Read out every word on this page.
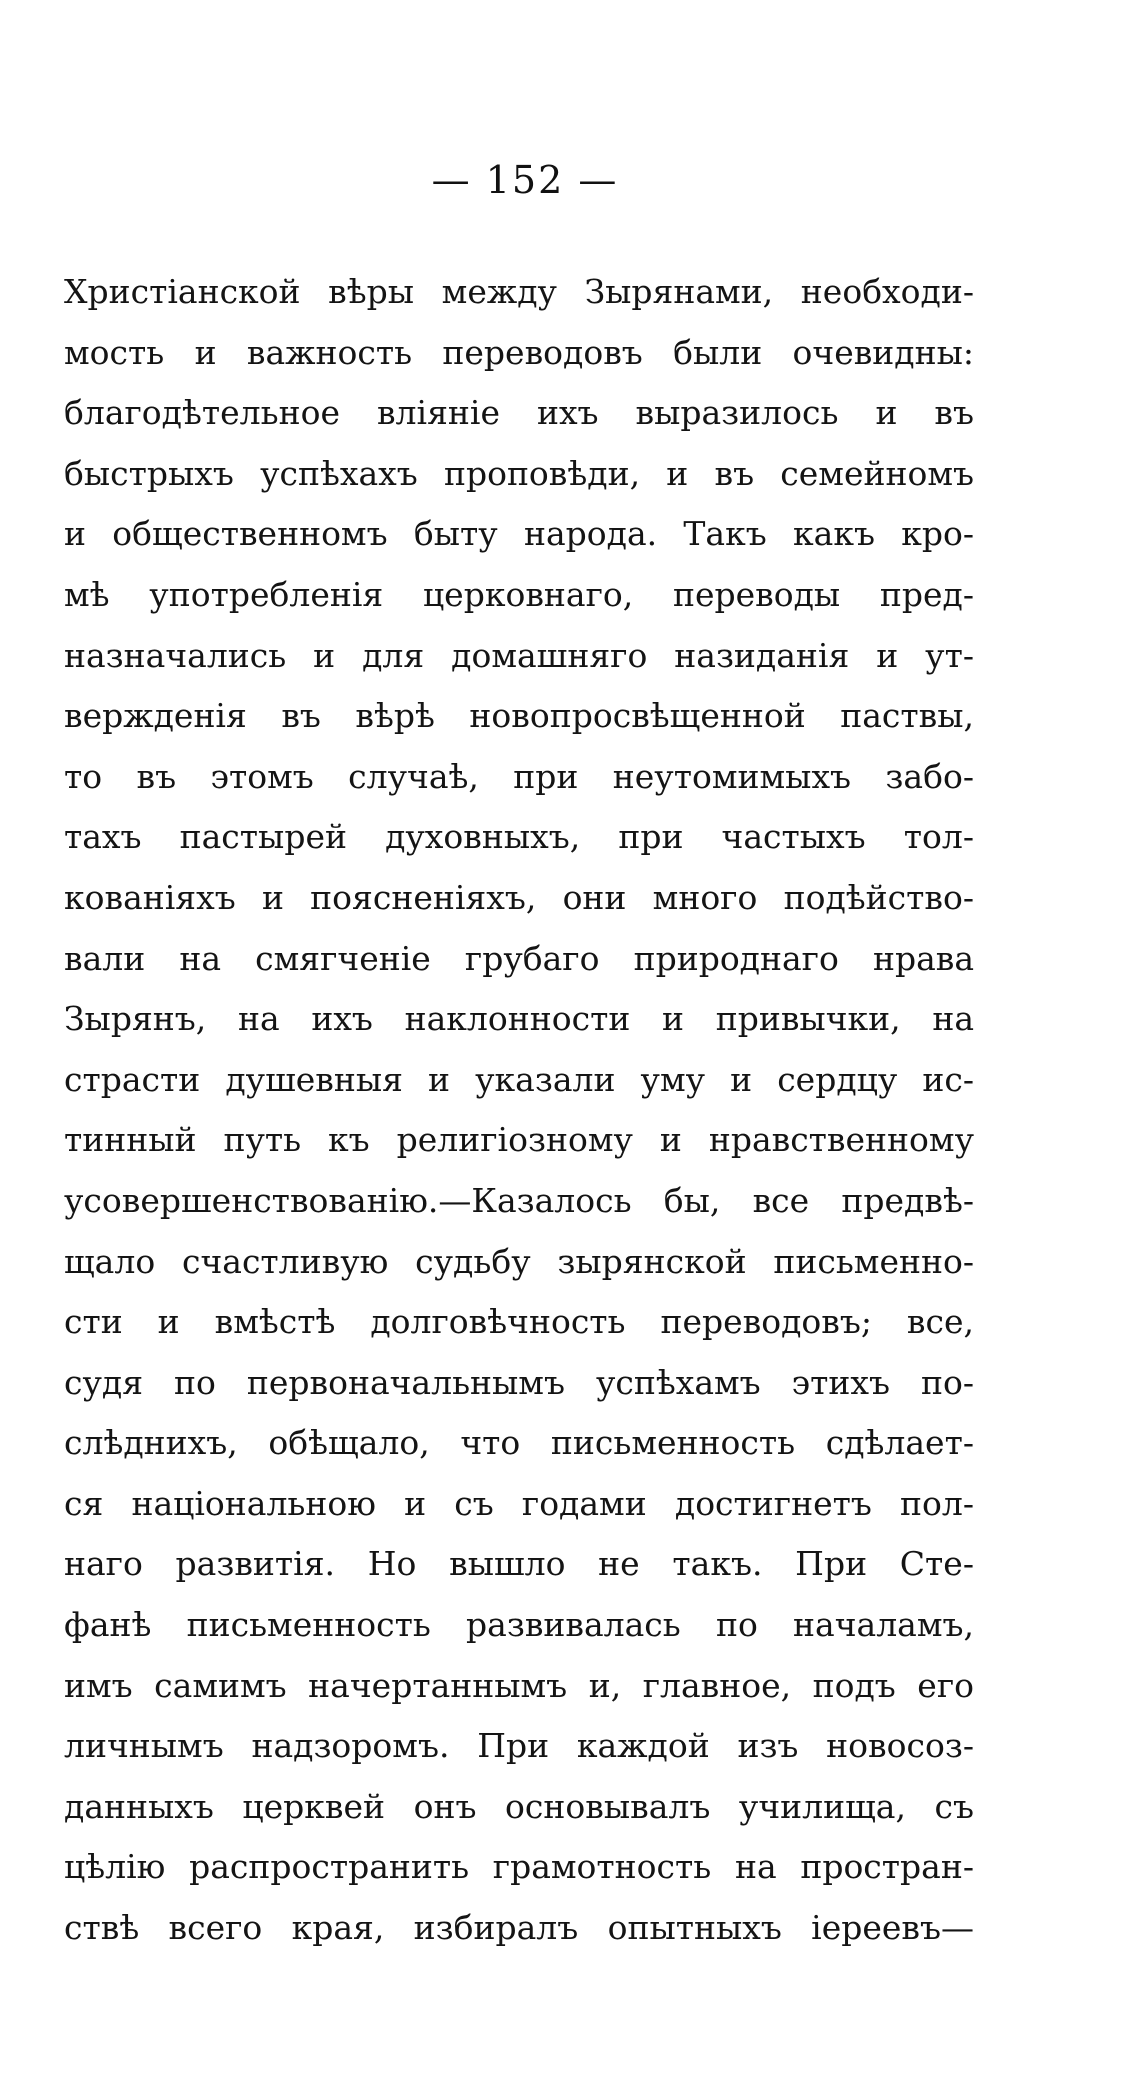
— 152 —
Христіанской вѣры между Зырянами, необходи-
мость и важность переводовъ были очевидны:
благодѣтельное вліяніе ихъ выразилось и въ
быстрыхъ успѣхахъ проповѣди, и въ семейномъ
и общественномъ быту народа. Такъ какъ кро-
мѣ употребленія церковнаго, переводы пред-
назначались и для домашняго назиданія и ут-
вержденія въ вѣрѣ новопросвѣщенной паствы,
то въ этомъ случаѣ, при неутомимыхъ забо-
тахъ пастырей духовныхъ, при частыхъ тол-
кованіяхъ и поясненіяхъ, они много подѣйство-
вали на смягченіе грубаго природнаго нрава
Зырянъ, на ихъ наклонности и привычки, на
страсти душевныя и указали уму и сердцу ис-
тинный путь къ религіозному и нравственному
усовершенствованію.—Казалось бы, все предвѣ-
щало счастливую судьбу зырянской письменно-
сти и вмѣстѣ долговѣчность переводовъ; все,
судя по первоначальнымъ успѣхамъ этихъ по-
слѣднихъ, обѣщало, что письменность сдѣлает-
ся національною и съ годами достигнетъ пол-
наго развитія. Но вышло не такъ. При Сте-
фанѣ письменность развивалась по началамъ,
имъ самимъ начертаннымъ и, главное, подъ его
личнымъ надзоромъ. При каждой изъ новосоз-
данныхъ церквей онъ основывалъ училища, съ
цѣлію распространить грамотность на простран-
ствѣ всего края, избиралъ опытныхъ іереевъ—
